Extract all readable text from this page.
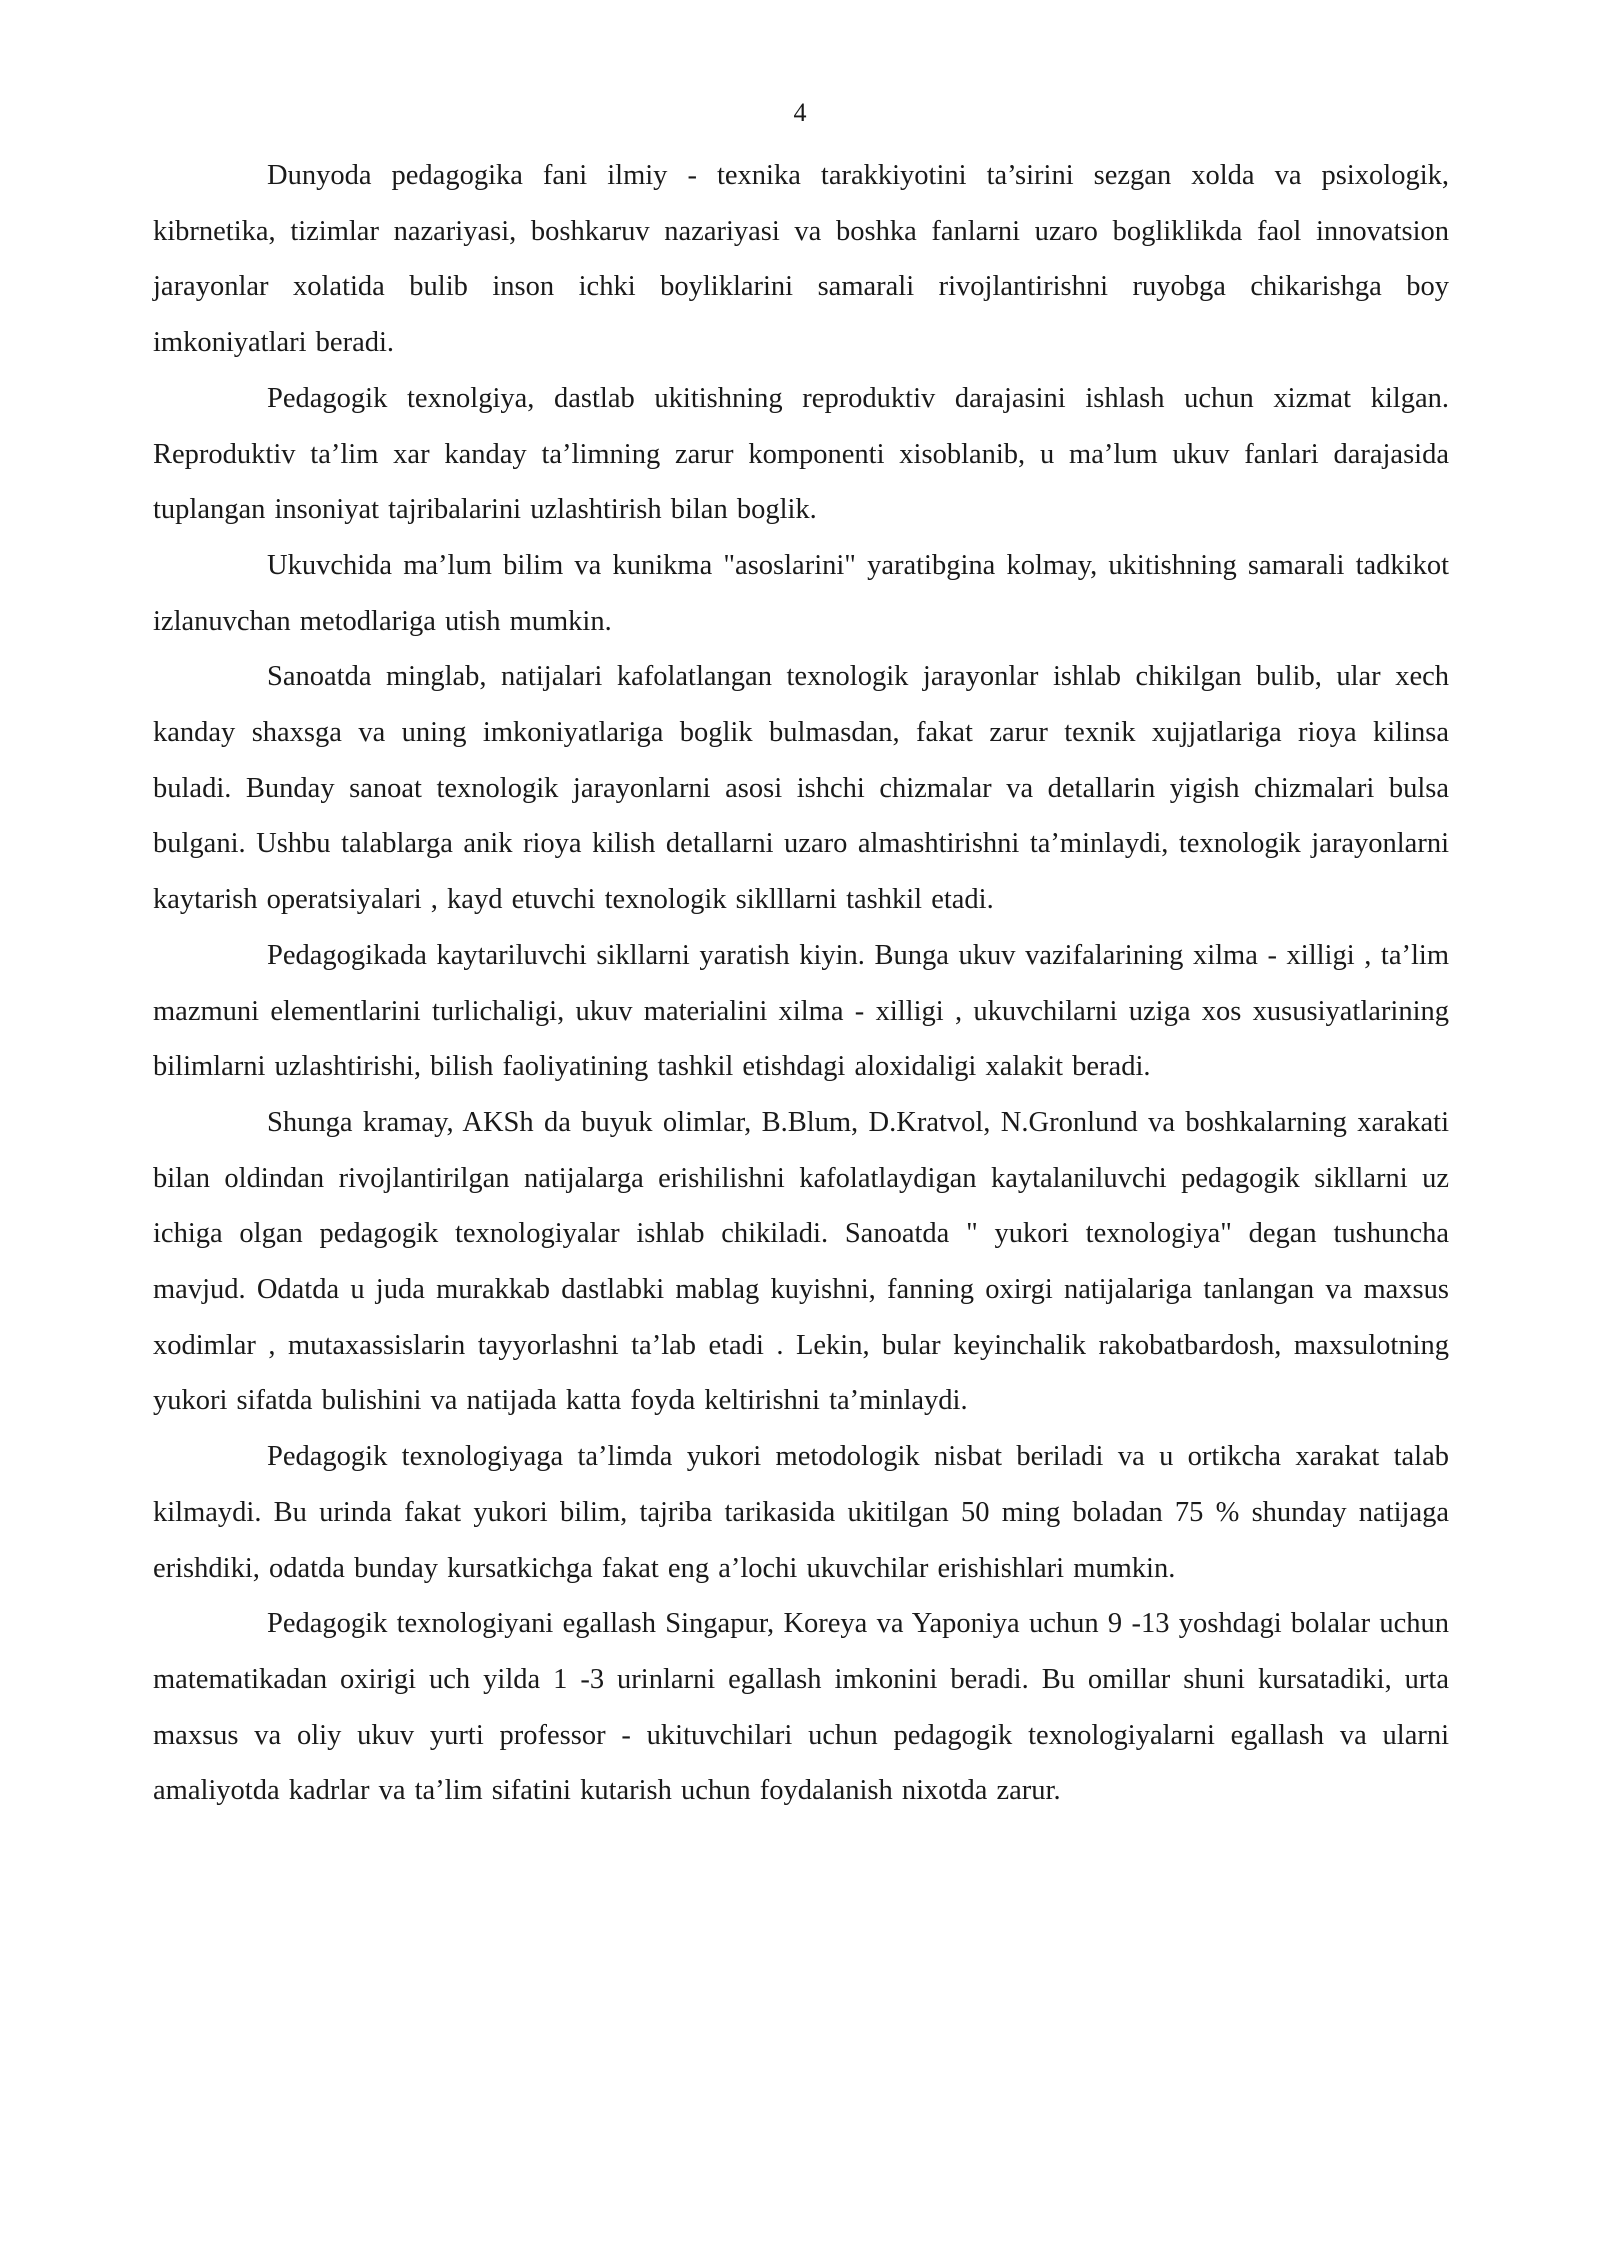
4

Dunyoda pedagogika fani ilmiy - texnika tarakkiyotini ta’sirini sezgan xolda va psixologik, kibrnetika, tizimlar nazariyasi, boshkaruv nazariyasi va boshka fanlarni uzaro bogliklikda faol innovatsion jarayonlar xolatida bulib inson ichki boyliklarini samarali rivojlantirishni ruyobga chikarishga boy imkoniyatlari beradi.

Pedagogik texnolgiya, dastlab ukitishning reproduktiv darajasini ishlash uchun xizmat kilgan. Reproduktiv ta’lim xar kanday ta’limning zarur komponenti xisoblanib, u ma’lum ukuv fanlari darajasida tuplangan insoniyat tajribalarini uzlashtirish bilan boglik.

Ukuvchida ma’lum bilim va kunikma "asoslarini" yaratibgina kolmay, ukitishning samarali tadkikot izlanuvchan metodlariga utish mumkin.

Sanoatda minglab, natijalari kafolatlangan texnologik jarayonlar ishlab chikilgan bulib, ular xech kanday shaxsga va uning imkoniyatlariga boglik bulmasdan, fakat zarur texnik xujjatlariga rioya kilinsa buladi. Bunday sanoat texnologik jarayonlarni asosi ishchi chizmalar va detallarin yigish chizmalari bulsa bulgani. Ushbu talablarga anik rioya kilish detallarni uzaro almashtirishni ta’minlaydi, texnologik jarayonlarni kaytarish operatsiyalari , kayd etuvchi texnologik siklllarni tashkil etadi.

Pedagogikada kaytariluvchi sikllarni yaratish kiyin. Bunga ukuv vazifalarining xilma - xilligi , ta’lim mazmuni elementlarini turlichaligi, ukuv materialini xilma - xilligi , ukuvchilarni uziga xos xususiyatlarining bilimlarni uzlashtirishi, bilish faoliyatining tashkil etishdagi aloxidaligi xalakit beradi.

Shunga kramay, AKSh da buyuk olimlar, B.Blum, D.Kratvol, N.Gronlund va boshkalarning xarakati bilan oldindan rivojlantirilgan natijalarga erishilishni kafolatlaydigan kaytalaniluvchi pedagogik sikllarni uz ichiga olgan pedagogik texnologiyalar ishlab chikiladi. Sanoatda " yukori texnologiya" degan tushuncha mavjud. Odatda u juda murakkab dastlabki mablag kuyishni, fanning oxirgi natijalariga tanlangan va maxsus xodimlar , mutaxassislarin tayyorlashni ta’lab etadi . Lekin, bular keyinchalik rakobatbardosh, maxsulotning yukori sifatda bulishini va natijada katta foyda keltirishni ta’minlaydi.

Pedagogik texnologiyaga ta’limda yukori metodologik nisbat beriladi va u ortikcha xarakat talab kilmaydi. Bu urinda fakat yukori bilim, tajriba tarikasida ukitilgan 50 ming boladan 75 % shunday natijaga erishdiki, odatda bunday kursatkichga fakat eng a’lochi ukuvchilar erishishlari mumkin.

Pedagogik texnologiyani egallash Singapur, Koreya va Yaponiya uchun 9 -13 yoshdagi bolalar uchun matematikadan oxirigi uch yilda 1 -3 urinlarni egallash imkonini beradi. Bu omillar shuni kursatadiki, urta maxsus va oliy ukuv yurti professor - ukituvchilari uchun pedagogik texnologiyalarni egallash va ularni amaliyotda kadrlar va ta’lim sifatini kutarish uchun foydalanish nixotda zarur.
